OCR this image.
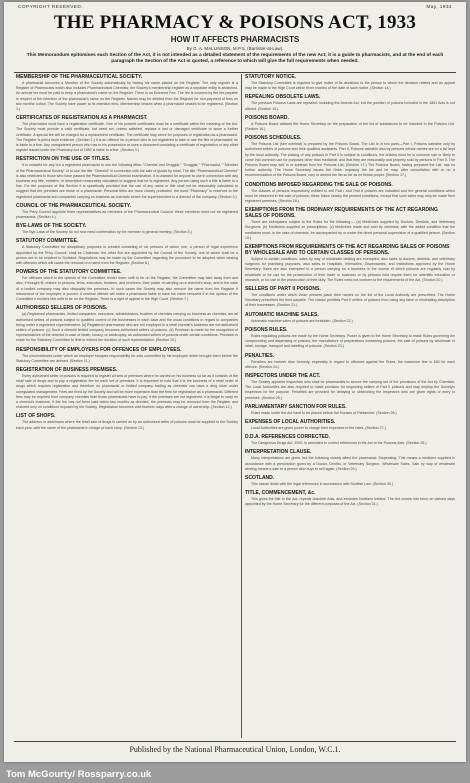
COPYRIGHT RESERVED.	May, 1934
THE PHARMACY & POISONS ACT, 1933
HOW IT AFFECTS PHARMACISTS
By G. A. MALLINSON, M.P.S. (Barrister-at-Law).
This Memorandum epitomises each Section of the Act, it is not intended as a detailed statement of the requirements of the new Act; it is a guide to pharmacists, and at the end of each paragraph the Section of the Act is quoted, a reference to which will give the full requirements when needed.
MEMBERSHIP OF THE PHARMACEUTICAL SOCIETY.
A pharmacist becomes a Member of the Society automatically by having his name placed on the Register. The only register is a Register of Pharmacists which also includes Pharmaceutical Chemists; the Society's membership register as a separate entity is abolished. An annual fee must be paid to keep a pharmacist's name on the Register. There is no Entrance Fee. The fee is covered by the fee payable in respect of the retention of the pharmacist's name on the Register. Names may be deleted from the Register for non-payment of fees on two months' notice. The Society have power to fix retention fees. Membership ceases when a pharmacist ceases to be registered. (Section 1.)
CERTIFICATES OF REGISTRATION AS A PHARMACIST.
The pharmacist must have a registration certificate. One of his present certificates must be a certificate within the meaning of the Act. The Society must provide a valid certificate, but need not, unless satisfied, replace a lost or damaged certificate or issue a further certificate. A special fee will be charged for a replacement certificate. The certificate may serve for purposes of registration as a pharmacist. The Register is prima facie evidence. (Section 2.) It is an offence for a person who is not registered to take or use the title of pharmacist; he is liable to a fine. Any unregistered person who has in his possession or uses a document consisting a certificate of registration or any other register issued under the Pharmacy Act of 1852 is liable to a fine. (Section 3.)
RESTRICTION ON THE USE OF TITLES.
It is unlawful for any but a registered pharmacist to use the following titles: "Chemist and Druggist," "Druggist," "Pharmacist," "Member of the Pharmaceutical Society" or to use the title "Chemist" in connection with the sale of goods by retail. The title "Pharmaceutical Chemist" is also restricted to those who have passed the Pharmaceutical Chemist examination. It is unlawful for anyone to use in connection with any business any title, emblem, or description reasonably calculated to suggest that he is registered. Any person using such a title is liable to a fine. For the purposes of this Section it is specifically provided that the use of any name or title shall not be reasonably calculated to suggest that the premises are those of a pharmacist. Personal titles are more closely protected; the word "Pharmacy" is reserved to the registered pharmacist and companies carrying on business as chemists where the superintendent is a director of the company. (Section 3.)
COUNCIL OF THE PHARMACEUTICAL SOCIETY.
The Privy Council appoints three representatives as members of the Pharmaceutical Council; these members need not be registered pharmacists. (Section 4.)
BYE-LAWS OF THE SOCIETY.
The Bye-Laws of the Society do not now need confirmation by the member in general meeting. (Section 5.)
STATUTORY COMMITTEE.
A Statutory Committee for disciplinary purposes is created consisting of six persons of whom one, a person of legal experience appointed by the Privy Council, shall be Chairman, the other five are appointed by the Council of the Society, one of whom shall be a person not to be resident in Scotland. Regulations may be made by the Committee regarding the procedure to be adopted when dealing with offences which will cause the removal of a name from the Register. (Section 6.)
POWERS OF THE STATUTORY COMMITTEE.
For offences which in the opinion of the Committee render them unfit to be on the Register, the Committee may take away from and also, if thought fit, restore to persons, firms, executors, trustees, and receivers, their power of carrying on a chemist's shop, and in the case of a bodied company may also disqualify the premises. In such cases the Society may also remove the name from the Register if misconduct of the employee is proved. A criminal offence will make a pharmacist liable to have his name removed if in the opinion of the Committee it renders him unfit to be on the Register. There is a right of appeal to the High Court. (Section 7.)
AUTHORISED SELLERS OF POISONS.
(a) Registered pharmacists, limited companies, executors, administrators, trustees of chemists carrying on business as chemists, are all authorised sellers of poisons subject to qualified control of the businesses in each case and the usual conditions in regard to companies being under a registered superintendent. (b) Registered pharmacists who are not employed in a retail chemist's business are not authorised sellers of poisons. (c) Such a chemist limited company becomes authorised sellers of poisons. (d) Provision is made for the recognition of representatives of the chemist in case of death, lunacy, or bankruptcy, as authorised sellers of poisons under certain conditions. Provision is made for the Statutory Committee to limit or extend the duration of such representation. (Section 10.)
RESPONSIBILITY OF EMPLOYERS FOR OFFENCES OF EMPLOYEES.
The circumstances under which an employer escapes responsibility for acts committed by his employee which brought them before the Statutory Committee are defined. (Section 11.)
REGISTRATION OF BUSINESS PREMISES.
Every authorised seller of poisons is required to register all sets of premises where he carries on his business so far as it consists of the retail sale of drugs and to pay a registration fee for each set of premises. It is important to note that it is the business of a retail seller of drugs which requires registration and therefore no pharmacist or limited company trading as chemists can have a drug store under unregulated management. Fees are fixed by the Society and will be more expensive than the fees for registration as a pharmacist. Different fees may be required from company chemists than those pharmacists have to pay. If the premises are not registered, it is illegal to carry on a chemist's business. If the fee has not been paid within two months as directed, the premises may be removed from the Register and restored only on conditions imposed by the Society. Registration becomes void fourteen days after a change of ownership. (Section 12.)
LIST OF SHOPS.
The address or addresses where the retail sale of drugs is carried on by an authorised seller of poisons must be supplied to the Society each year, with the name of the pharmacist in charge of each shop. (Section 13.)
STATUTORY NOTICE.
The Statutory Committee is required to give notice of its decisions to the person to whom the decision relates and an appeal may be made to the High Court within three months of the date of such notice. (Section 14.)
REPEALING OBSOLETE LAWS.
The previous Poisons Laws are repealed, including the Arsenic Act, but the position of poisons included in the 1851 Acts is not altered. (Section 15.)
POISONS BOARD.
A Poisons Board advises the Home Secretary on the preparation of the list of substances to be included in the Poisons List. (Section 16.)
POISONS SCHEDULES.
The Poisons List (see overleaf) is prepared by the Poisons Board. The List is in two parts—Part I, Poisons saleable only by authorised sellers of poisons and their qualified assistants. Part II, Poisons saleable also by persons whose names are on a list kept by the local authority. The placing of any poisons in Part II is subject to conditions, the articles must be in common use or likely to come into common use for purposes other than medicinal, and that they are reasonably and properly sold by persons in Part II. The Poisons Board may add to or subtract from the Poisons List. (Section 17.) The Poisons Board, having prepared the List, has no further authority. The Home Secretary issues the Order imposing the list and he may, after consultation with or on a recommendation of the Poisons Board, vary or amend the list so far as he thinks proper. (Section 17.)
CONDITIONS IMPOSED REGARDING THE SALE OF POISONS.
The classes of persons respectively entitled to sell Part I and Part II poisons are indicated and the general conditions which must be observed in the sale of poisons; these follow closely the present conditions, except that such sales may only be made from registered premises. (Section 18.)
EXEMPTIONS FROM THE ORDINARY REQUIREMENTS OF THE ACT REGARDING SALES OF POISONS.
There are exemptions subject to the Rules for the following:— (a) Medicines supplied by Doctors, Dentists, and Veterinary Surgeons. (b) Medicines supplied on prescriptions. (c) Medicines made and sold by chemists, with the added condition that the medicines must, in the case of chemists, be accompanied by or under the direct personal supervision of a qualified person. (Section 19.)
EXEMPTIONS FROM REQUIREMENTS OF THE ACT REGARDING SALES OF POISONS BY WHOLESALE AND TO CERTAIN CLASSES OF PERSONS.
Subject to certain conditions, sales by way of wholesale dealing are exempted, also sales to doctors, dentists, and veterinary surgeons for practising purposes, also sales to Hospitals, Infirmaries, Dispensaries, and Institutions approved by the Home Secretary. Sales are also exempted to a person carrying on a business in the course of which poisons are regularly sold by wholesale or for use for the prosecution of their trade or business or by persons who require them for scientific education or research, or for use in the prosecution of their duty. The Rules need not conform to the requirements of the Act. (Section 20.)
SELLERS OF PART II POISONS.
The conditions under which those persons place their names on the list of the Local Authority are prescribed. The Home Secretary prescribes the fees payable. The clause prohibits Part II sellers of poisons from using any false or misleading description of their businesses. (Section 21.)
AUTOMATIC MACHINE SALES.
Automatic machine sales of poisons are forbidden. (Section 22.)
POISONS RULES.
Rules regulating poisons are made by the Home Secretary. Power is given to the Home Secretary to make Rules governing the compounding and dispensing of poisons, the manufacture of preparations containing poisons, the sale of poisons by wholesale or retail, storage, transport and labelling of poisons. (Section 23.)
PENALTIES.
Penalties are heavier than formerly, especially in regard to offences against the Rules, the maximum fine is £50 for each offence. (Section 24.)
INSPECTORS UNDER THE ACT.
The Society appoints Inspectors who shall be pharmacists to secure the carrying out of the provisions of the Act by Chemists. The Local Authorities are also required to make provision for inspecting sellers of Part II poisons and may employ the Society's Inspectors for the purpose. Penalties are provided for delaying or obstructing the Inspectors who are given rights of entry to premises. (Section 25.)
PARLIAMENTARY SANCTION FOR RULES.
Rules made under the Act have to be placed before the Houses of Parliament. (Section 26.)
EXPENSES OF LOCAL AUTHORITIES.
Local Authorities are given power to charge their expenses to the rates. (Section 27.)
D.D.A. REFERENCES CORRECTED.
The Dangerous Drugs Act, 1920, is amended to correct references in the Act to the Poisons Acts. (Section 28.)
INTERPRETATION CLAUSE.
Many interpretations are given, but the following closely affect the pharmacist: Dispensing. This means a medicine supplied in accordance with a prescription given by a Doctor, Dentist, or Veterinary Surgeon. Wholesale Sales. Sale by way of wholesale dealing means a sale to a person who buys to sell again. (Section 29.)
SCOTLAND.
This clause deals with the legal references in accordance with Scottish Law. (Section 30.)
TITLE, COMMENCEMENT, &c.
This gives the title to the Act, repeals obsolete Acts, and excludes Northern Ireland. The Act comes into force on various days appointed by the Home Secretary for the different purposes of the Act. (Section 31.)
Published by the National Pharmaceutical Union, London, W.C.1.
Tom McGourty/ Rossparry.co.uk
